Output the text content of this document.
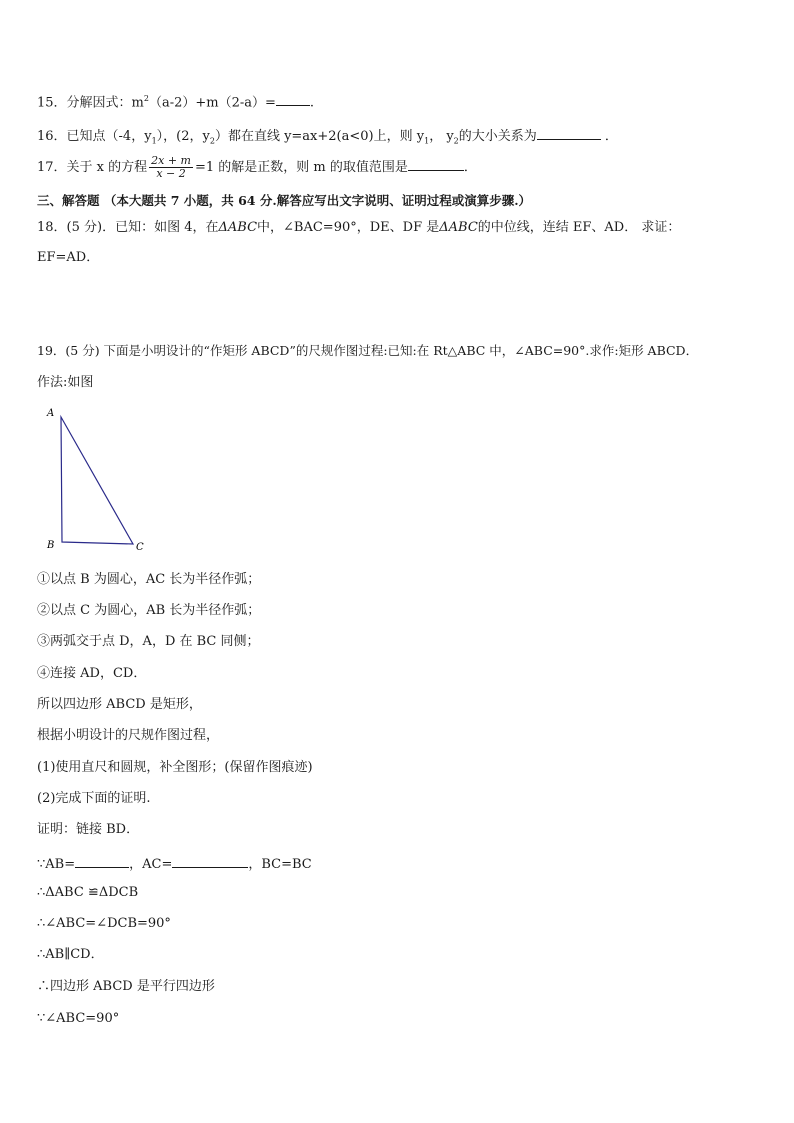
15．分解因式：$m^2(a-2)+m(2-a)=$	.
16．已知点（-4，$y_1$），(2，$y_2$）都在直线 y=ax+2(a<0)上，则 $y_1$， $y_2$的大小关系为	．
17．关于 x 的方程 $\frac{2x + m}{x - 2} =1$ 的解是正数，则 m 的取值范围是	．
三、解答题 （本大题共 7 小题，共 64 分.解答应写出文字说明、证明过程或演算步骤.）
18．(5 分)．已知：如图 4，在ΔABC中，∠BAC=90°，DE、DF 是ΔABC的中位线，连结 EF、AD． 求证：
EF=AD．
19．(5 分) 下面是小明设计的“作矩形 ABCD”的尺规作图过程:已知:在 Rt△ABC 中，∠ABC=90°.求作:矩形 ABCD．
作法:如图
A
B	C
①以点 B 为圆心，AC 长为半径作弧；
②以点 C 为圆心，AB 长为半径作弧；
③两弧交于点 D，A，D 在 BC 同侧；
④连接 AD，CD．
所以四边形 ABCD 是矩形，
根据小明设计的尺规作图过程，
(1)使用直尺和圆规，补全图形；(保留作图痕迹)
(2)完成下面的证明.
证明：链接 BD．
∵AB=	，AC=	，BC=BC
∴ΔABC ≌ΔDCB
∴∠ABC=∠DCB=90°
∴AB∥CD．
∴四边形 ABCD 是平行四边形
∵∠ABC=90°
